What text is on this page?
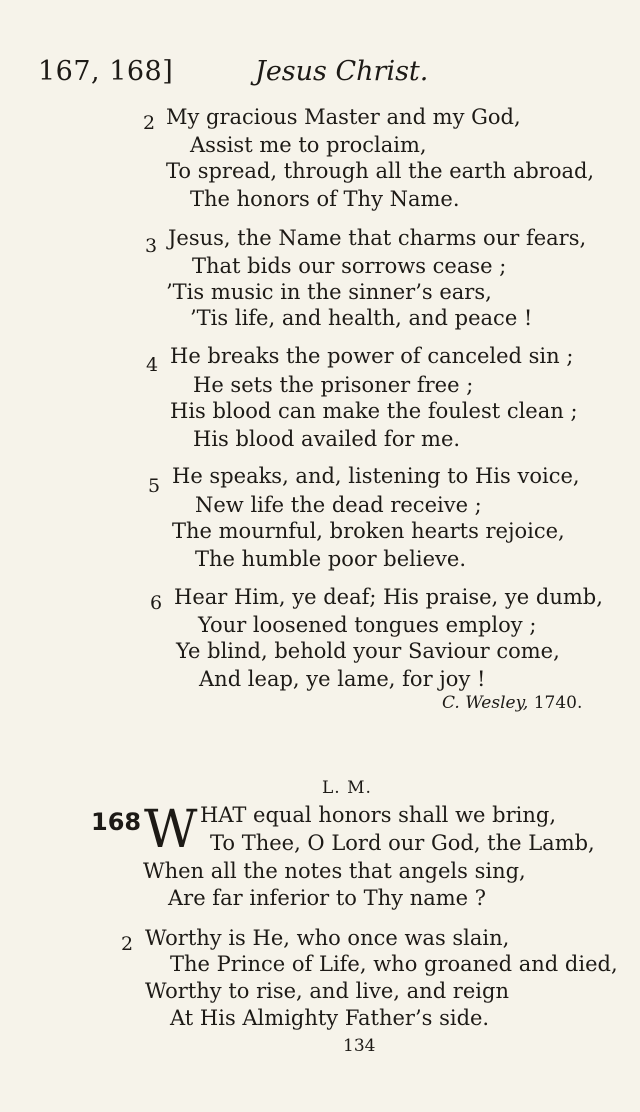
167, 168]	Jesus Christ.
2 My gracious Master and my God,
Assist me to proclaim,
To spread, through all the earth abroad,
The honors of Thy Name.
3 Jesus, the Name that charms our fears,
That bids our sorrows cease ;
’Tis music in the sinner’s ears,
’Tis life, and health, and peace !
4 He breaks the power of canceled sin ;
He sets the prisoner free ;
His blood can make the foulest clean ;
His blood availed for me.
5 He speaks, and, listening to His voice,
New life the dead receive ;
The mournful, broken hearts rejoice,
The humble poor believe.
6 Hear Him, ye deaf; His praise, ye dumb,
Your loosened tongues employ ;
Ye blind, behold your Saviour come,
And leap, ye lame, for joy !
C. Wesley, 1740.
L. M.
168 W HAT equal honors shall we bring,
To Thee, O Lord our God, the Lamb,
When all the notes that angels sing,
Are far inferior to Thy name ?
2 Worthy is He, who once was slain,
The Prince of Life, who groaned and died,
Worthy to rise, and live, and reign
At His Almighty Father’s side.
134
